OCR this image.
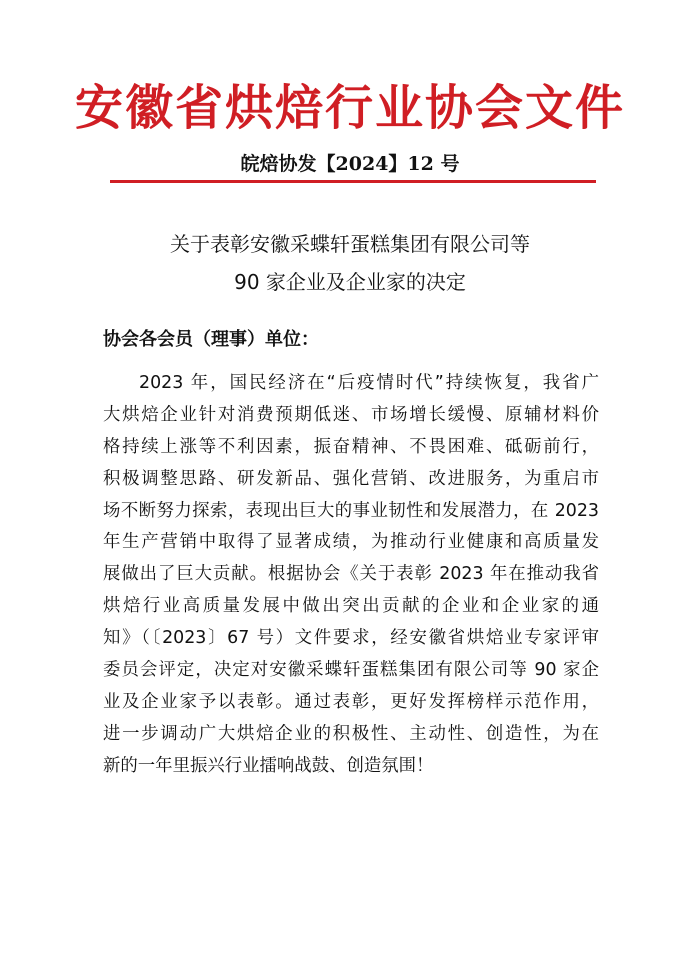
安徽省烘焙行业协会文件
皖焙协发【2024】12 号
关于表彰安徽采蝶轩蛋糕集团有限公司等
90 家企业及企业家的决定
协会各会员（理事）单位：
2023 年，国民经济在“后疫情时代”持续恢复，我省广
大烘焙企业针对消费预期低迷、市场增长缓慢、原辅材料价
格持续上涨等不利因素，振奋精神、不畏困难、砥砺前行，
积极调整思路、研发新品、强化营销、改进服务，为重启市
场不断努力探索，表现出巨大的事业韧性和发展潜力，在 2023
年生产营销中取得了显著成绩，为推动行业健康和高质量发
展做出了巨大贡献。根据协会《关于表彰 2023 年在推动我省
烘焙行业高质量发展中做出突出贡献的企业和企业家的通
知》（〔2023〕67 号）文件要求，经安徽省烘焙业专家评审
委员会评定，决定对安徽采蝶轩蛋糕集团有限公司等 90 家企
业及企业家予以表彰。通过表彰，更好发挥榜样示范作用，
进一步调动广大烘焙企业的积极性、主动性、创造性，为在
新的一年里振兴行业擂响战鼓、创造氛围！
